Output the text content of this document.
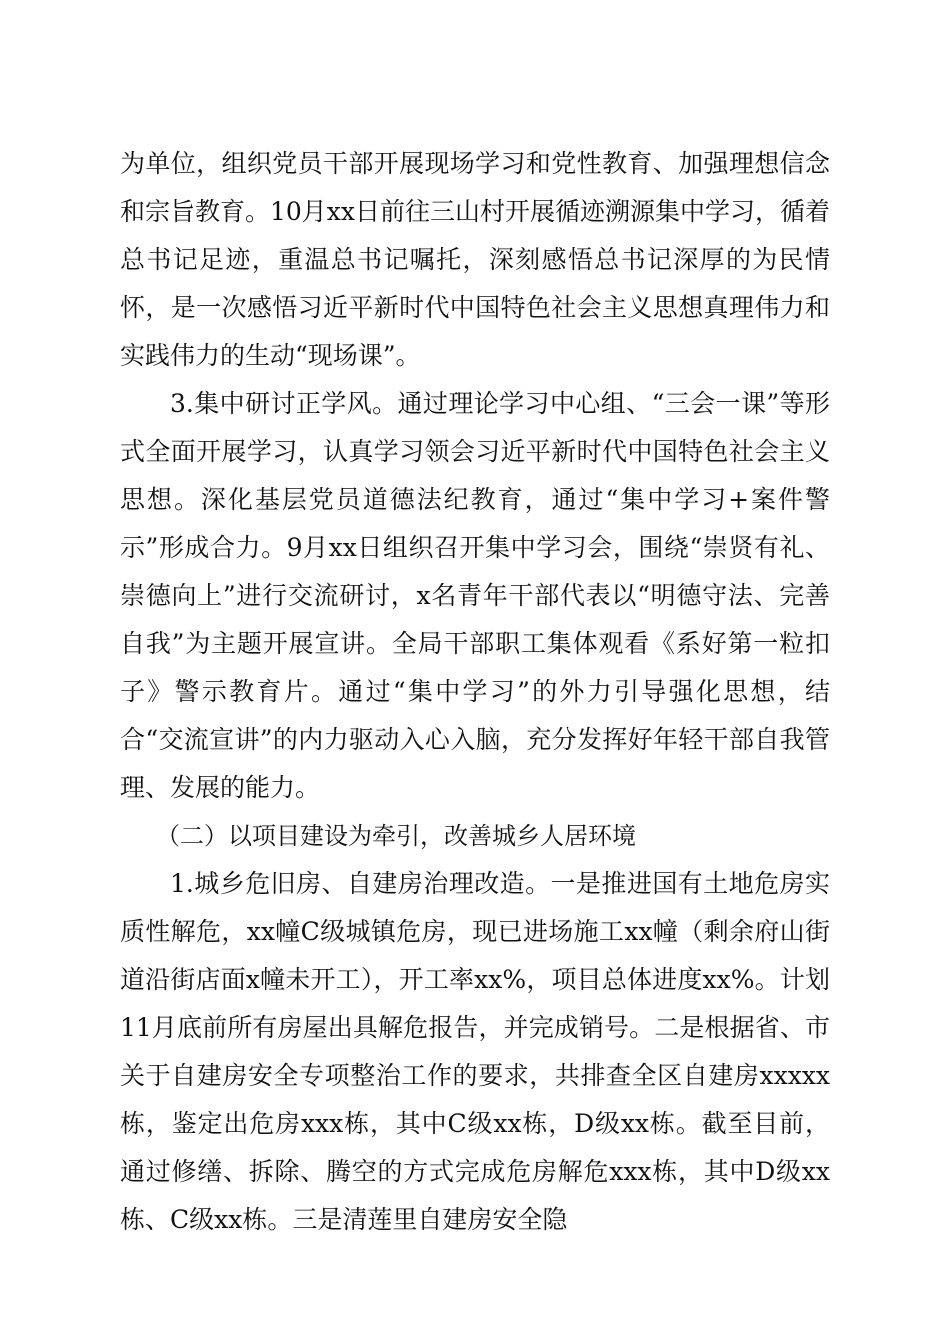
为单位，组织党员干部开展现场学习和党性教育、加强理想信念和宗旨教育。10月xx日前往三山村开展循迹溯源集中学习，循着总书记足迹，重温总书记嘱托，深刻感悟总书记深厚的为民情怀，是一次感悟习近平新时代中国特色社会主义思想真理伟力和实践伟力的生动“现场课”。

3.集中研讨正学风。通过理论学习中心组、“三会一课”等形式全面开展学习，认真学习领会习近平新时代中国特色社会主义思想。深化基层党员道德法纪教育，通过“集中学习+案件警示”形成合力。9月xx日组织召开集中学习会，围绕“崇贤有礼、崇德向上”进行交流研讨，x名青年干部代表以“明德守法、完善自我”为主题开展宣讲。全局干部职工集体观看《系好第一粒扣子》警示教育片。通过“集中学习”的外力引导强化思想，结合“交流宣讲”的内力驱动入心入脑，充分发挥好年轻干部自我管理、发展的能力。

（二）以项目建设为牵引，改善城乡人居环境

1.城乡危旧房、自建房治理改造。一是推进国有土地危房实质性解危，xx幢C级城镇危房，现已进场施工xx幢（剩余府山街道沿街店面x幢未开工），开工率xx%，项目总体进度xx%。计划11月底前所有房屋出具解危报告，并完成销号。二是根据省、市关于自建房安全专项整治工作的要求，共排查全区自建房xxxxx栋，鉴定出危房xxx栋，其中C级xx栋，D级xx栋。截至目前，通过修缮、拆除、腾空的方式完成危房解危xxx栋，其中D级xx栋、C级xx栋。三是清莲里自建房安全隐
